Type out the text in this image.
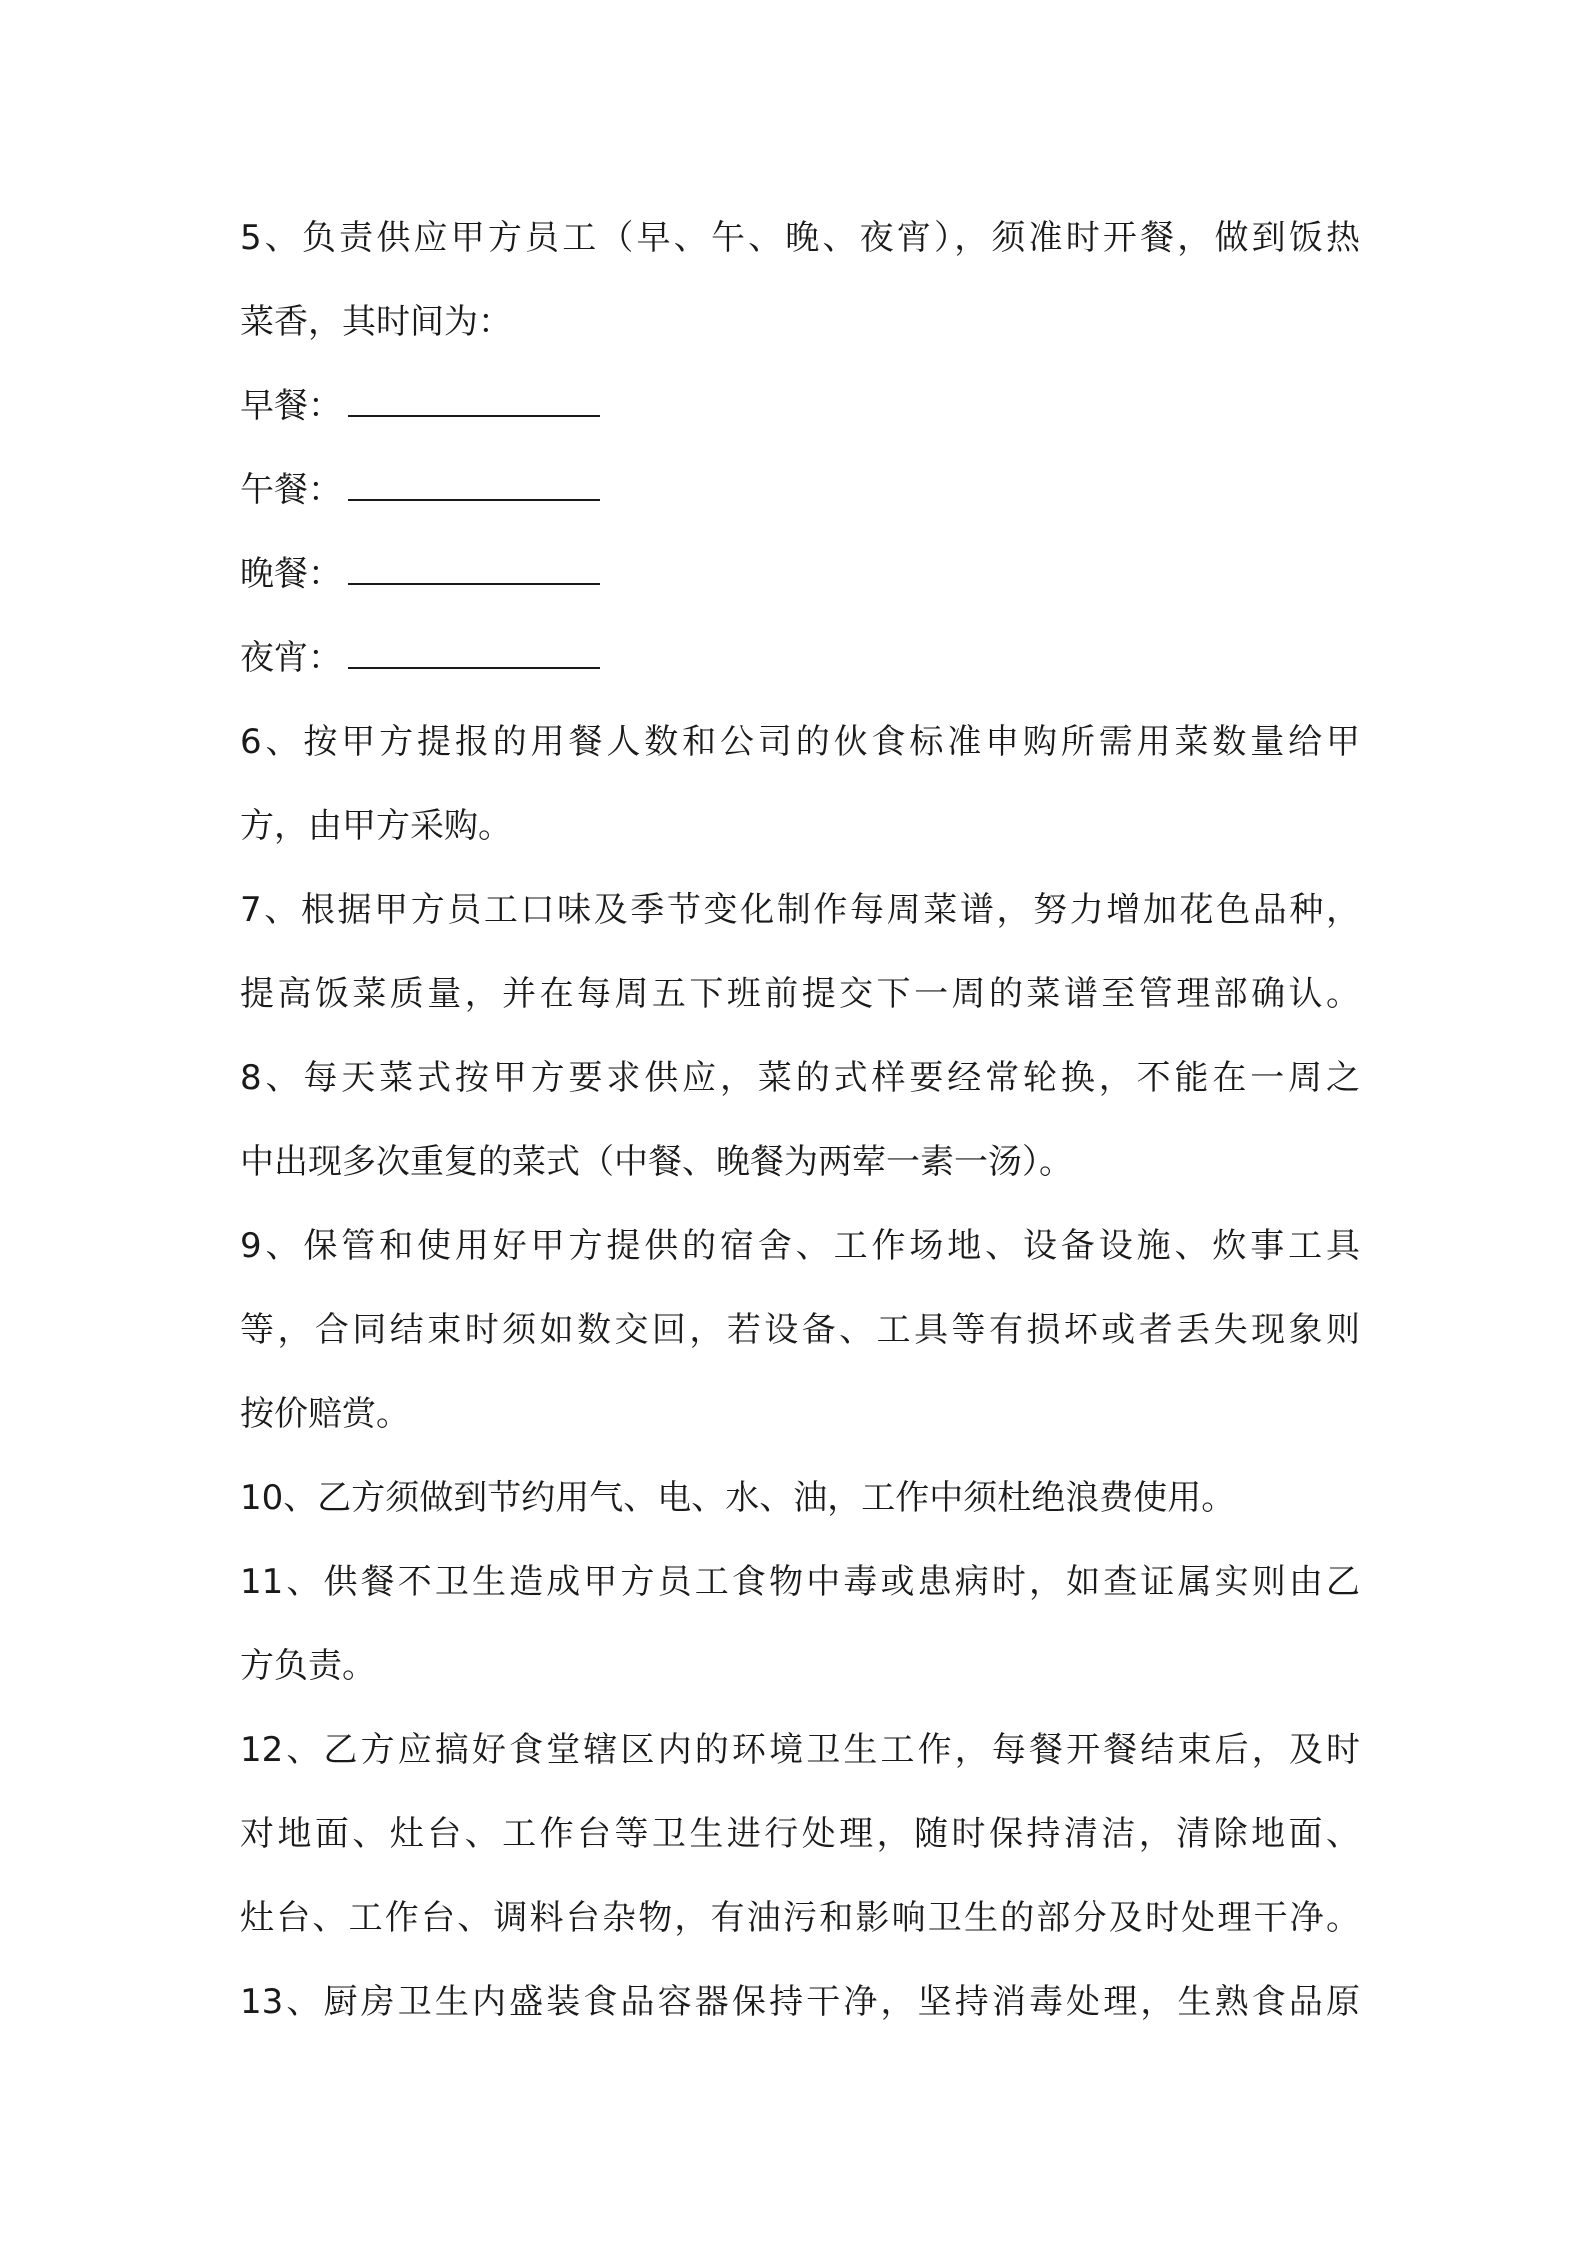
5、负责供应甲方员工（早、午、晚、夜宵），须准时开餐，做到饭热
菜香，其时间为：
早餐：
午餐：
晚餐：
夜宵：
6、按甲方提报的用餐人数和公司的伙食标准申购所需用菜数量给甲
方，由甲方采购。
7、根据甲方员工口味及季节变化制作每周菜谱，努力增加花色品种，
提高饭菜质量，并在每周五下班前提交下一周的菜谱至管理部确认。
8、每天菜式按甲方要求供应，菜的式样要经常轮换，不能在一周之
中出现多次重复的菜式（中餐、晚餐为两荤一素一汤）。
9、保管和使用好甲方提供的宿舍、工作场地、设备设施、炊事工具
等，合同结束时须如数交回，若设备、工具等有损坏或者丢失现象则
按价赔赏。
10、乙方须做到节约用气、电、水、油，工作中须杜绝浪费使用。
11、供餐不卫生造成甲方员工食物中毒或患病时，如查证属实则由乙
方负责。
12、乙方应搞好食堂辖区内的环境卫生工作，每餐开餐结束后，及时
对地面、灶台、工作台等卫生进行处理，随时保持清洁，清除地面、
灶台、工作台、调料台杂物，有油污和影响卫生的部分及时处理干净。
13、厨房卫生内盛装食品容器保持干净，坚持消毒处理，生熟食品原
